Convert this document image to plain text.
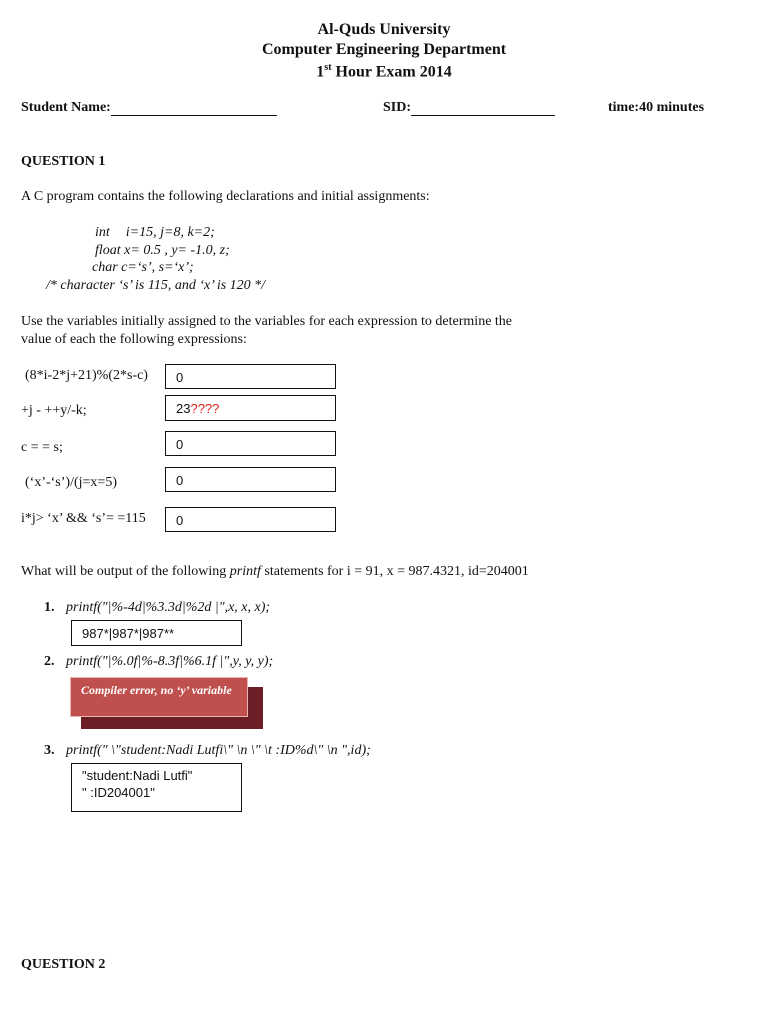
Al-Quds University
Computer Engineering Department
1st Hour Exam 2014
Student Name:	SID:	time:40 minutes
QUESTION 1
A C program contains the following declarations and initial assignments:
int i=15, j=8, k=2;
float x= 0.5 , y= -1.0, z;
char c=‘s’, s=‘x’;
/* character ‘s’ is 115, and ‘x’ is 120 */
Use the variables initially assigned to the variables for each expression to determine the
value of each the following expressions:
(8*i-2*j+21)%(2*s-c)	0
+j - ++y/-k;	23????
c = = s;	0
(‘x’-‘s’)/(j=x=5)	0
i*j> ‘x’ && ‘s’= =115	0
What will be output of the following printf statements for i = 91, x = 987.4321, id=204001
1. printf("|%-4d|%3.3d|%2d |",x, x, x);
987*|987*|987**
2. printf("|%.0f|%-8.3f|%6.1f |",y, y, y);
Compiler error, no ‘y’ variable
3. printf(" \"student:Nadi Lutfi\" \n \" \t :ID%d\" \n ",id);
"student:Nadi Lutfi"
" :ID204001"
QUESTION 2
